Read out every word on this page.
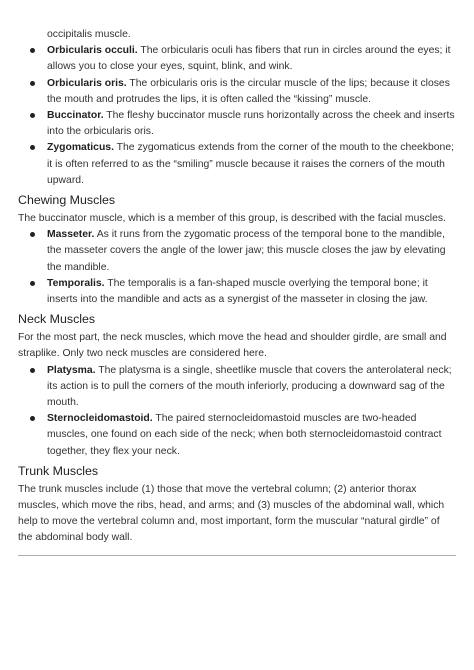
occipitalis muscle.

Orbicularis occuli. The orbicularis oculi has fibers that run in circles around the eyes; it allows you to close your eyes, squint, blink, and wink.
Orbicularis oris. The orbicularis oris is the circular muscle of the lips; because it closes the mouth and protrudes the lips, it is often called the “kissing” muscle.
Buccinator. The fleshy buccinator muscle runs horizontally across the cheek and inserts into the orbicularis oris.
Zygomaticus. The zygomaticus extends from the corner of the mouth to the cheekbone; it is often referred to as the “smiling” muscle because it raises the corners of the mouth upward.
Chewing Muscles

The buccinator muscle, which is a member of this group, is described with the facial muscles.

Masseter. As it runs from the zygomatic process of the temporal bone to the mandible, the masseter covers the angle of the lower jaw; this muscle closes the jaw by elevating the mandible.
Temporalis. The temporalis is a fan-shaped muscle overlying the temporal bone; it inserts into the mandible and acts as a synergist of the masseter in closing the jaw.
Neck Muscles

For the most part, the neck muscles, which move the head and shoulder girdle, are small and straplike. Only two neck muscles are considered here.

Platysma. The platysma is a single, sheetlike muscle that covers the anterolateral neck; its action is to pull the corners of the mouth inferiorly, producing a downward sag of the mouth.
Sternocleidomastoid. The paired sternocleidomastoid muscles are two-headed muscles, one found on each side of the neck; when both sternocleidomastoid contract together, they flex your neck.
Trunk Muscles

The trunk muscles include (1) those that move the vertebral column; (2) anterior thorax muscles, which move the ribs, head, and arms; and (3) muscles of the abdominal wall, which help to move the vertebral column and, most important, form the muscular “natural girdle” of the abdominal body wall.
